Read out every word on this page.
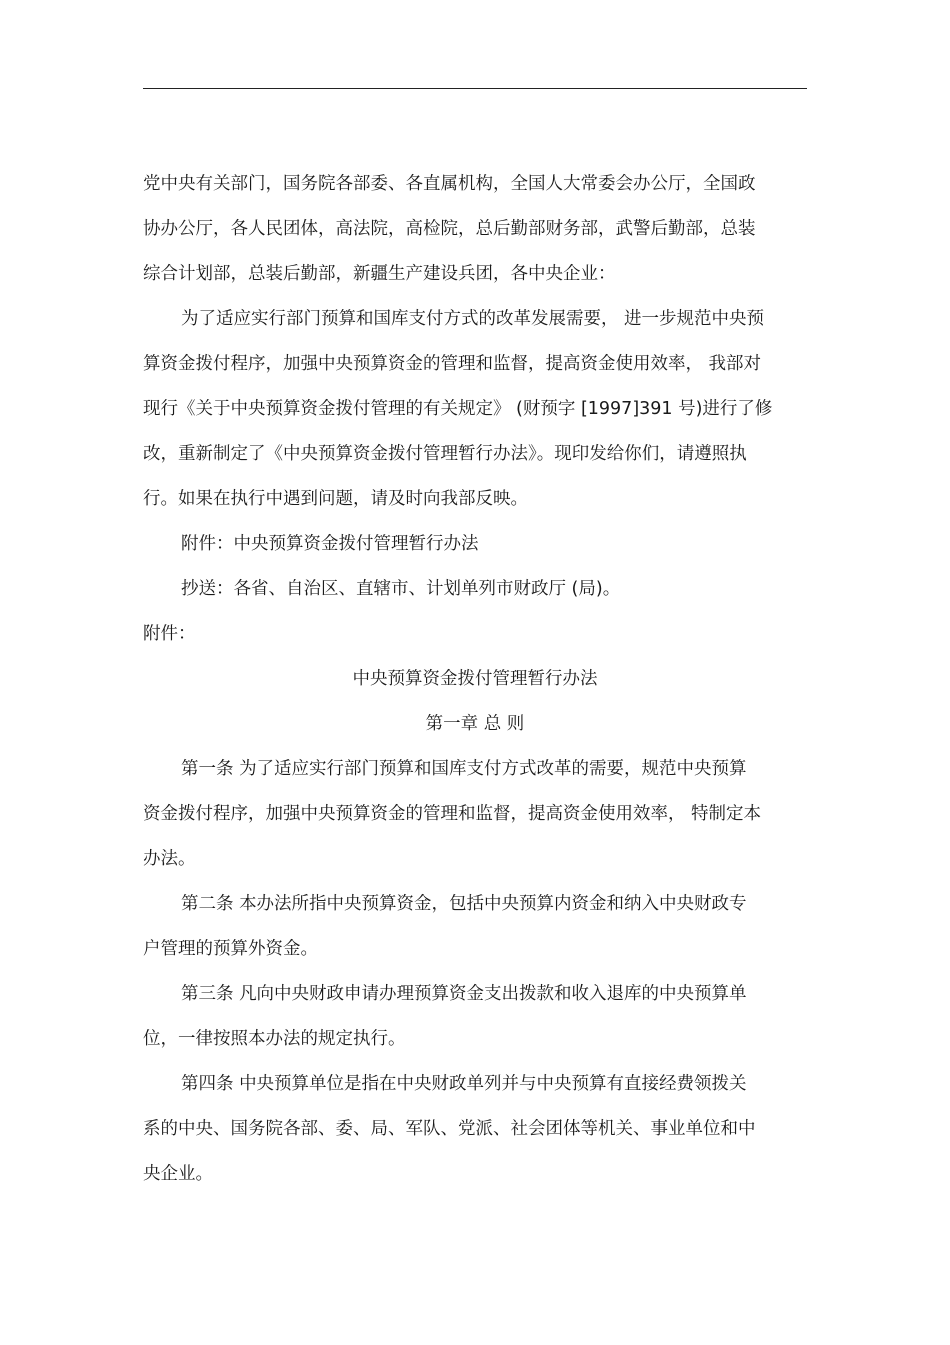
党中央有关部门，国务院各部委、各直属机构，全国人大常委会办公厅，全国政
协办公厅，各人民团体，高法院，高检院，总后勤部财务部，武警后勤部，总装
综合计划部，总装后勤部，新疆生产建设兵团，各中央企业：
为了适应实行部门预算和国库支付方式的改革发展需要， 进一步规范中央预
算资金拨付程序，加强中央预算资金的管理和监督，提高资金使用效率， 我部对
现行《关于中央预算资金拨付管理的有关规定》 (财预字 [1997]391 号)进行了修
改，重新制定了《中央预算资金拨付管理暂行办法》。现印发给你们，请遵照执
行。如果在执行中遇到问题，请及时向我部反映。
附件：中央预算资金拨付管理暂行办法
抄送：各省、自治区、直辖市、计划单列市财政厅 (局)。
附件：
中央预算资金拨付管理暂行办法
第一章 总 则
第一条 为了适应实行部门预算和国库支付方式改革的需要，规范中央预算
资金拨付程序，加强中央预算资金的管理和监督，提高资金使用效率， 特制定本
办法。
第二条 本办法所指中央预算资金，包括中央预算内资金和纳入中央财政专
户管理的预算外资金。
第三条 凡向中央财政申请办理预算资金支出拨款和收入退库的中央预算单
位，一律按照本办法的规定执行。
第四条 中央预算单位是指在中央财政单列并与中央预算有直接经费领拨关
系的中央、国务院各部、委、局、军队、党派、社会团体等机关、事业单位和中
央企业。
